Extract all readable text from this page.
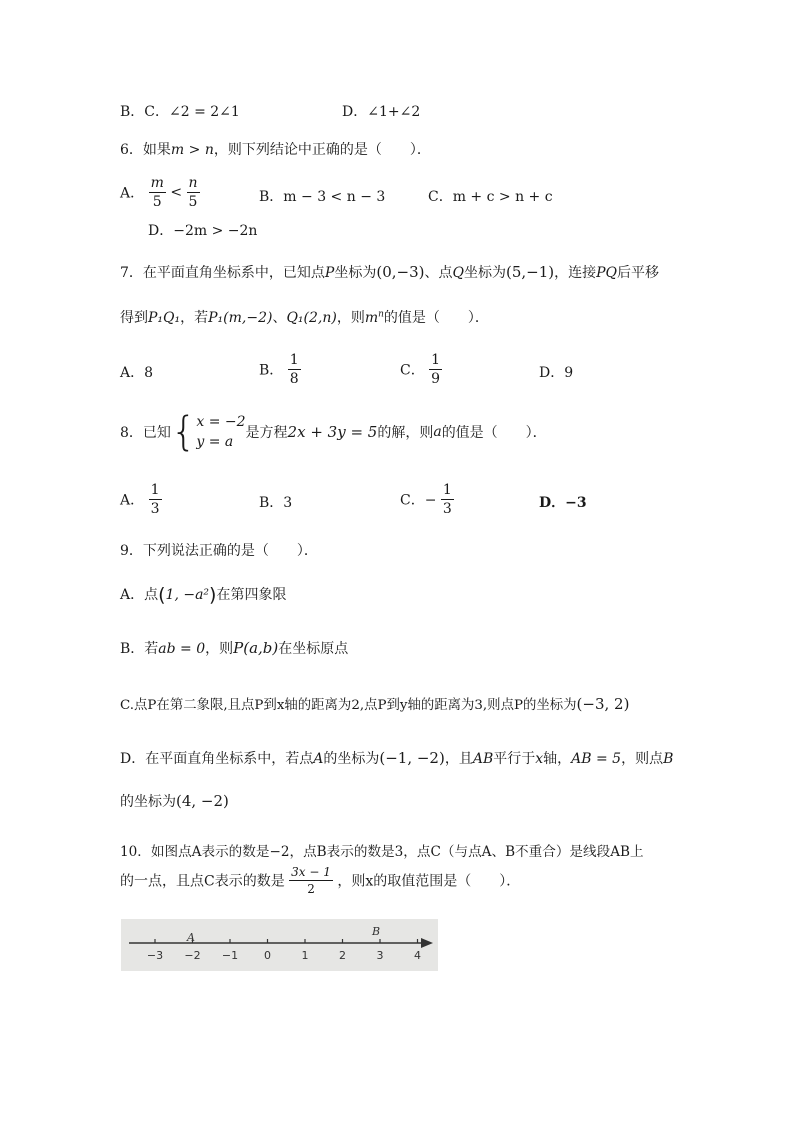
B．C．∠2 = 2∠1	D．∠1+∠2
6．如果m > n，则下列结论中正确的是（　　）．
A． $\frac{m}{5} < \frac{n}{5}$	B．m − 3 < n − 3	C．m + c > n + c
D．−2m > −2n
7．在平面直角坐标系中，已知点P坐标为(0,−3)、点Q坐标为(5,−1)，连接PQ后平移
得到P₁Q₁，若P₁(m,−2)、Q₁(2,n)，则$m^n$的值是（　　）．
A．8	B． $\frac{1}{8}$	C． $\frac{1}{9}$	D．9
8．已知{ x = −2
y = a
是方程2x + 3y = 5的解，则a的值是（　　）．
A． $\frac{1}{3}$	B．3	C．− $\frac{1}{3}$	D．−3
9．下列说法正确的是（　　）．
A．点(1, −a²)在第四象限
B．若ab = 0，则P(a,b)在坐标原点
C.点P在第二象限,且点P到x轴的距离为2,点P到y轴的距离为3,则点P的坐标为(−3, 2)
D．在平面直角坐标系中，若点A的坐标为(−1, −2)，且AB平行于x轴，AB = 5，则点B
的坐标为(4, −2)
10．如图点A表示的数是−2，点B表示的数是3，点C（与点A、B不重合）是线段AB上
的一点，且点C表示的数是 $\frac{3x - 1}{2}$ ，则x的取值范围是（　　）．
−3 −2 −1 0	1	2	3	4
A	B
